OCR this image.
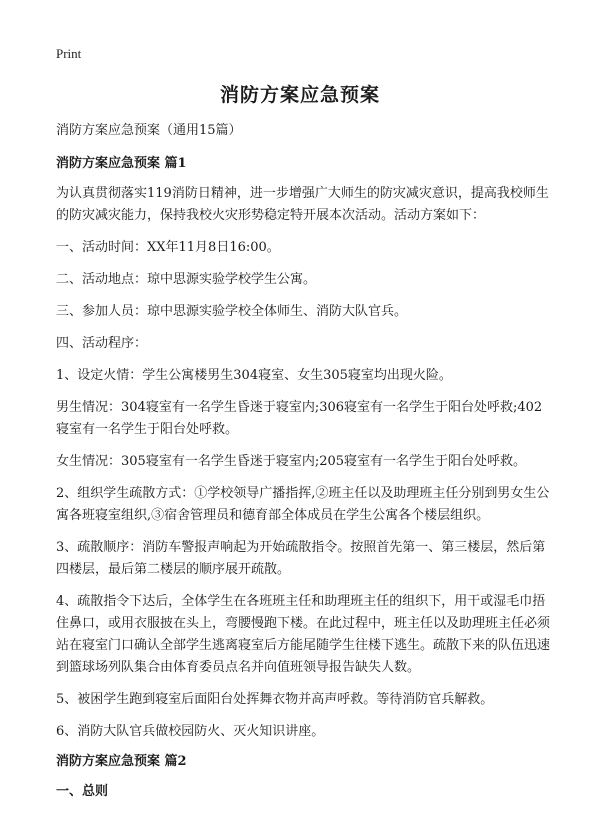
Print
消防方案应急预案

消防方案应急预案（通用15篇）

消防方案应急预案 篇1

为认真贯彻落实119消防日精神，进一步增强广大师生的防灾减灾意识，提高我校师生的防灾减灾能力，保持我校火灾形势稳定特开展本次活动。活动方案如下：

一、活动时间：XX年11月8日16:00。

二、活动地点：琼中思源实验学校学生公寓。

三、参加人员：琼中思源实验学校全体师生、消防大队官兵。

四、活动程序：

1、设定火情：学生公寓楼男生304寝室、女生305寝室均出现火险。

男生情况：304寝室有一名学生昏迷于寝室内;306寝室有一名学生于阳台处呼救;402寝室有一名学生于阳台处呼救。

女生情况：305寝室有一名学生昏迷于寝室内;205寝室有一名学生于阳台处呼救。

2、组织学生疏散方式：①学校领导广播指挥,②班主任以及助理班主任分别到男女生公寓各班寝室组织,③宿舍管理员和德育部全体成员在学生公寓各个楼层组织。

3、疏散顺序：消防车警报声响起为开始疏散指令。按照首先第一、第三楼层，然后第四楼层，最后第二楼层的顺序展开疏散。

4、疏散指令下达后，全体学生在各班班主任和助理班主任的组织下，用干或湿毛巾捂住鼻口，或用衣服披在头上，弯腰慢跑下楼。在此过程中，班主任以及助理班主任必须站在寝室门口确认全部学生逃离寝室后方能尾随学生往楼下逃生。疏散下来的队伍迅速到篮球场列队集合由体育委员点名并向值班领导报告缺失人数。

5、被困学生跑到寝室后面阳台处挥舞衣物并高声呼救。等待消防官兵解救。

6、消防大队官兵做校园防火、灭火知识讲座。

消防方案应急预案 篇2

一、总则
